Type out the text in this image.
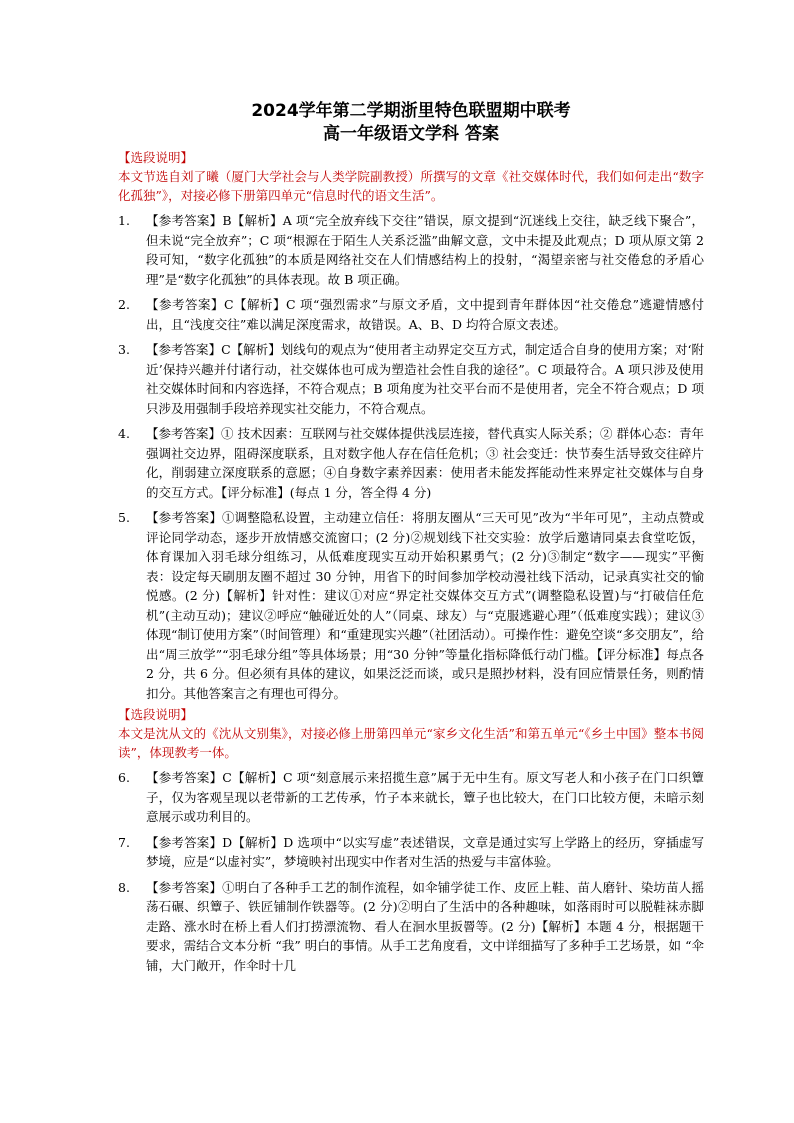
2024学年第二学期浙里特色联盟期中联考
高一年级语文学科 答案
【选段说明】
本文节选自刘了曦（厦门大学社会与人类学院副教授）所撰写的文章《社交媒体时代，我们如何走出“数字化孤独”》，对接必修下册第四单元“信息时代的语文生活”。
1. 【参考答案】B【解析】A 项“完全放弃线下交往”错误，原文提到“沉迷线上交往，缺乏线下聚合”，但未说“完全放弃”；C 项“根源在于陌生人关系泛滥”曲解文意，文中未提及此观点；D 项从原文第 2 段可知，“数字化孤独”的本质是网络社交在人们情感结构上的投射，“渴望亲密与社交倦怠的矛盾心理”是“数字化孤独”的具体表现。故 B 项正确。
2. 【参考答案】C【解析】C 项“强烈需求”与原文矛盾，文中提到青年群体因“社交倦怠”逃避情感付出，且“浅度交往”难以满足深度需求，故错误。A、B、D 均符合原文表述。
3. 【参考答案】C【解析】划线句的观点为“使用者主动界定交互方式，制定适合自身的使用方案；对‘附近’保持兴趣并付诸行动，社交媒体也可成为塑造社会性自我的途径”。C 项最符合。A 项只涉及使用社交媒体时间和内容选择，不符合观点；B 项角度为社交平台而不是使用者，完全不符合观点；D 项只涉及用强制手段培养现实社交能力，不符合观点。
4. 【参考答案】① 技术因素：互联网与社交媒体提供浅层连接，替代真实人际关系；② 群体心态：青年强调社交边界，阻碍深度联系，且对数字他人存在信任危机；③ 社会变迁：快节奏生活导致交往碎片化，削弱建立深度联系的意愿；④自身数字素养因素：使用者未能发挥能动性来界定社交媒体与自身的交互方式。【评分标准】(每点 1 分，答全得 4 分)
5. 【参考答案】①调整隐私设置，主动建立信任：将朋友圈从“三天可见”改为“半年可见”，主动点赞或评论同学动态，逐步开放情感交流窗口；(2 分)②规划线下社交实验：放学后邀请同桌去食堂吃饭，体育课加入羽毛球分组练习，从低难度现实互动开始积累勇气；(2 分)③制定“数字——现实”平衡表：设定每天刷朋友圈不超过 30 分钟，用省下的时间参加学校动漫社线下活动，记录真实社交的愉悦感。(2 分)【解析】针对性：建议①对应“界定社交媒体交互方式”(调整隐私设置)与“打破信任危机”(主动互动)；建议②呼应“触碰近处的人”（同桌、球友）与“克服逃避心理”（低难度实践）；建议③体现“制订使用方案”（时间管理）和“重建现实兴趣”（社团活动）。可操作性：避免空谈“多交朋友”，给出“周三放学”“羽毛球分组”等具体场景；用“30 分钟”等量化指标降低行动门槛。【评分标准】每点各 2 分，共 6 分。但必须有具体的建议，如果泛泛而谈，或只是照抄材料，没有回应情景任务，则酌情扣分。其他答案言之有理也可得分。
【选段说明】
本文是沈从文的《沈从文别集》，对接必修上册第四单元“家乡文化生活”和第五单元“《乡土中国》整本书阅读”，体现教考一体。
6. 【参考答案】C【解析】C 项“刻意展示来招揽生意”属于无中生有。原文写老人和小孩子在门口织簟子，仅为客观呈现以老带新的工艺传承，竹子本来就长，簟子也比较大，在门口比较方便，未暗示刻意展示或功利目的。
7. 【参考答案】D【解析】D 选项中“以实写虚”表述错误，文章是通过实写上学路上的经历，穿插虚写梦境，应是“以虚衬实”，梦境映衬出现实中作者对生活的热爱与丰富体验。
8. 【参考答案】①明白了各种手工艺的制作流程，如伞铺学徒工作、皮匠上鞋、苗人磨针、染坊苗人摇荡石碾、织簟子、铁匠铺制作铁器等。(2 分)②明白了生活中的各种趣味，如落雨时可以脱鞋袜赤脚走路、涨水时在桥上看人们打捞漂流物、看人在洄水里扳罾等。(2 分)【解析】本题 4 分，根据题干要求，需结合文本分析 “我” 明白的事情。从手工艺角度看，文中详细描写了多种手工艺场景，如 “伞铺，大门敞开，作伞时十几
